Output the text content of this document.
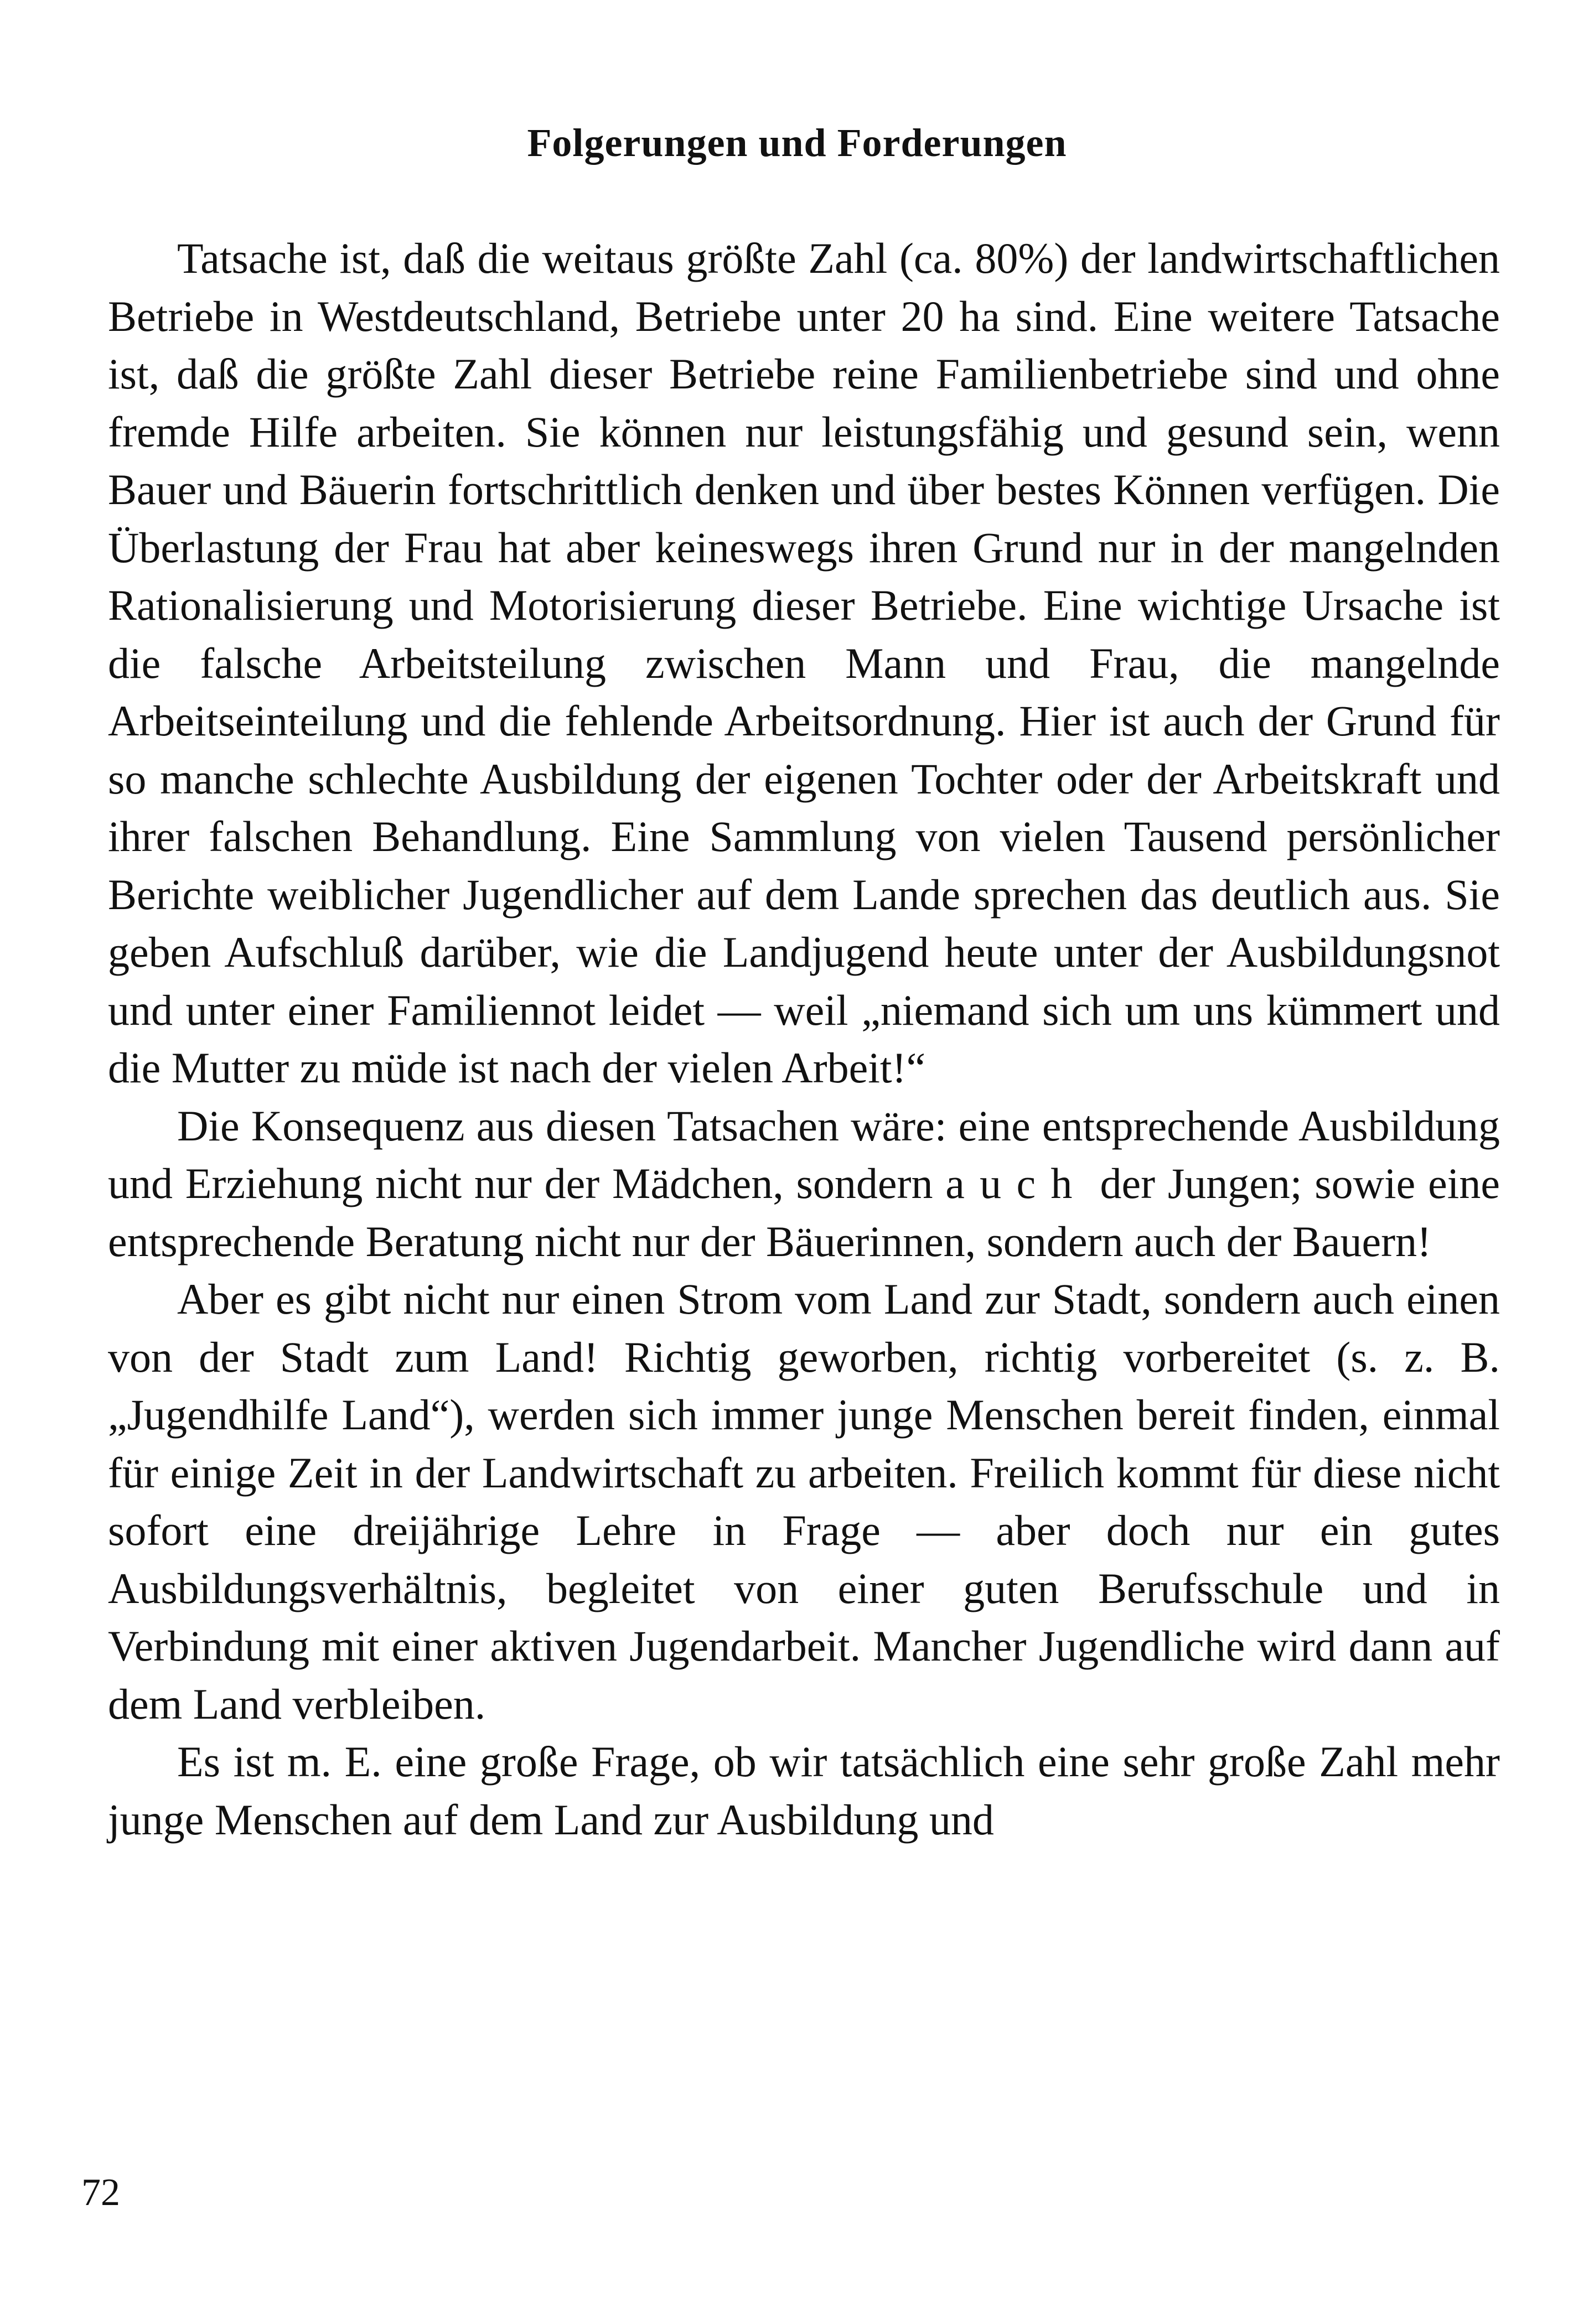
Folgerungen und Forderungen

Tatsache ist, daß die weitaus größte Zahl (ca. 80%) der landwirtschaftlichen Betriebe in Westdeutschland, Betriebe unter 20 ha sind. Eine weitere Tatsache ist, daß die größte Zahl dieser Betriebe reine Familienbetriebe sind und ohne fremde Hilfe arbeiten. Sie können nur leistungsfähig und gesund sein, wenn Bauer und Bäuerin fortschrittlich denken und über bestes Können verfügen. Die Überlastung der Frau hat aber keineswegs ihren Grund nur in der mangelnden Rationalisierung und Motorisierung dieser Betriebe. Eine wichtige Ursache ist die falsche Arbeitsteilung zwischen Mann und Frau, die mangelnde Arbeitseinteilung und die fehlende Arbeitsordnung. Hier ist auch der Grund für so manche schlechte Ausbildung der eigenen Tochter oder der Arbeitskraft und ihrer falschen Behandlung. Eine Sammlung von vielen Tausend persönlicher Berichte weiblicher Jugendlicher auf dem Lande sprechen das deutlich aus. Sie geben Aufschluß darüber, wie die Landjugend heute unter der Ausbildungsnot und unter einer Familiennot leidet — weil „niemand sich um uns kümmert und die Mutter zu müde ist nach der vielen Arbeit!“

Die Konsequenz aus diesen Tatsachen wäre: eine entsprechende Ausbildung und Erziehung nicht nur der Mädchen, sondern auch der Jungen; sowie eine entsprechende Beratung nicht nur der Bäuerinnen, sondern auch der Bauern!

Aber es gibt nicht nur einen Strom vom Land zur Stadt, sondern auch einen von der Stadt zum Land! Richtig geworben, richtig vorbereitet (s. z. B. „Jugendhilfe Land“), werden sich immer junge Menschen bereit finden, einmal für einige Zeit in der Landwirtschaft zu arbeiten. Freilich kommt für diese nicht sofort eine dreijährige Lehre in Frage — aber doch nur ein gutes Ausbildungsverhältnis, begleitet von einer guten Berufsschule und in Verbindung mit einer aktiven Jugendarbeit. Mancher Jugendliche wird dann auf dem Land verbleiben.

Es ist m. E. eine große Frage, ob wir tatsächlich eine sehr große Zahl mehr junge Menschen auf dem Land zur Ausbildung und

72
